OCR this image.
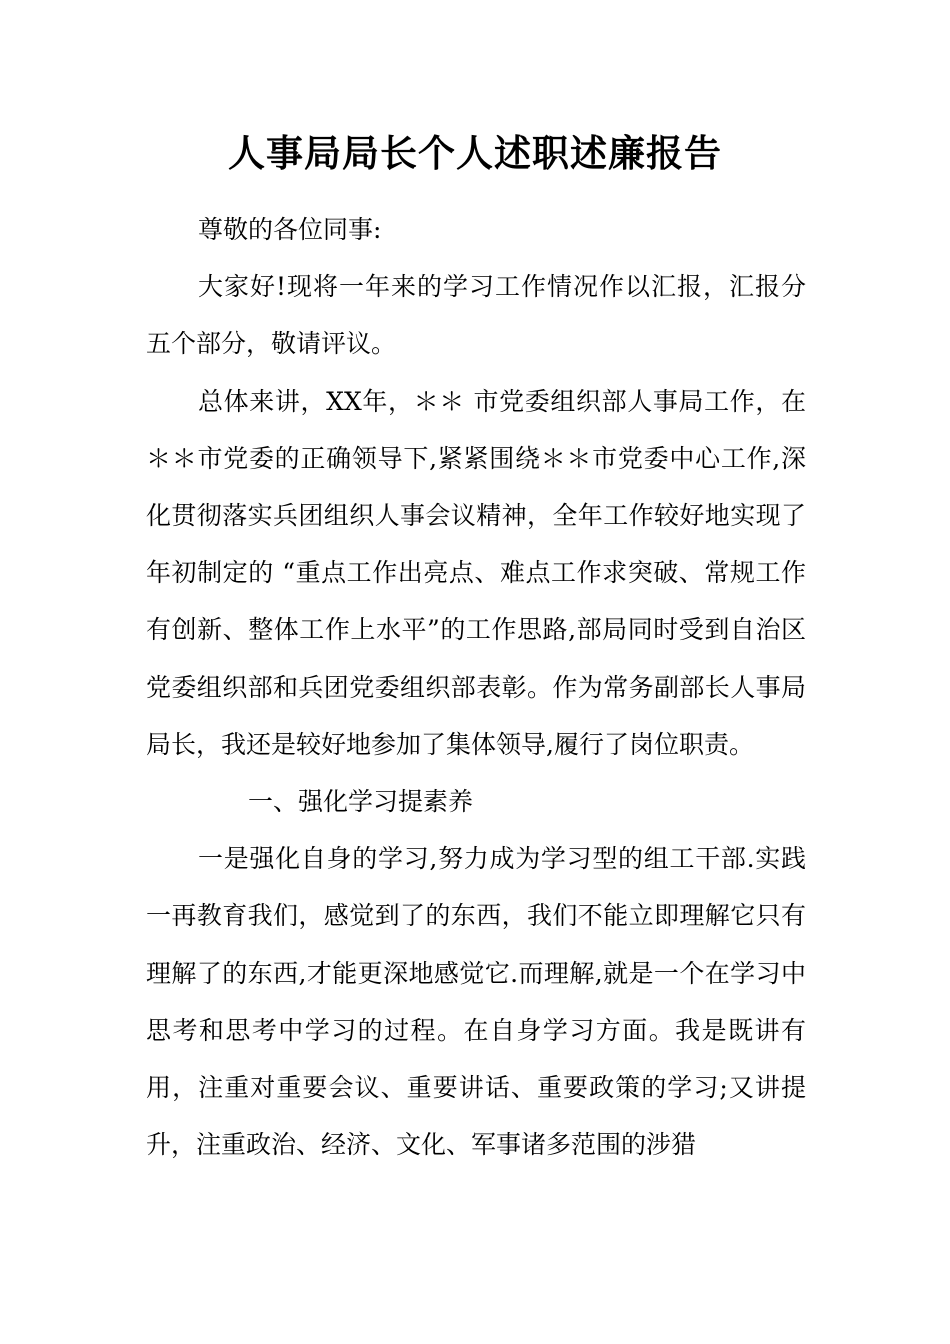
人事局局长个人述职述廉报告

尊敬的各位同事:

大家好!现将一年来的学习工作情况作以汇报，汇报分五个部分，敬请评议。

总体来讲，XX年，＊＊ 市党委组织部人事局工作，在＊＊市党委的正确领导下,紧紧围绕＊＊市党委中心工作,深化贯彻落实兵团组织人事会议精神，全年工作较好地实现了年初制定的 “重点工作出亮点、难点工作求突破、常规工作有创新、整体工作上水平”的工作思路,部局同时受到自治区党委组织部和兵团党委组织部表彰。作为常务副部长人事局局长，我还是较好地参加了集体领导,履行了岗位职责。

一、强化学习提素养

一是强化自身的学习,努力成为学习型的组工干部.实践一再教育我们，感觉到了的东西，我们不能立即理解它只有理解了的东西,才能更深地感觉它.而理解,就是一个在学习中思考和思考中学习的过程。在自身学习方面。我是既讲有用，注重对重要会议、重要讲话、重要政策的学习;又讲提升，注重政治、经济、文化、军事诸多范围的涉猎
